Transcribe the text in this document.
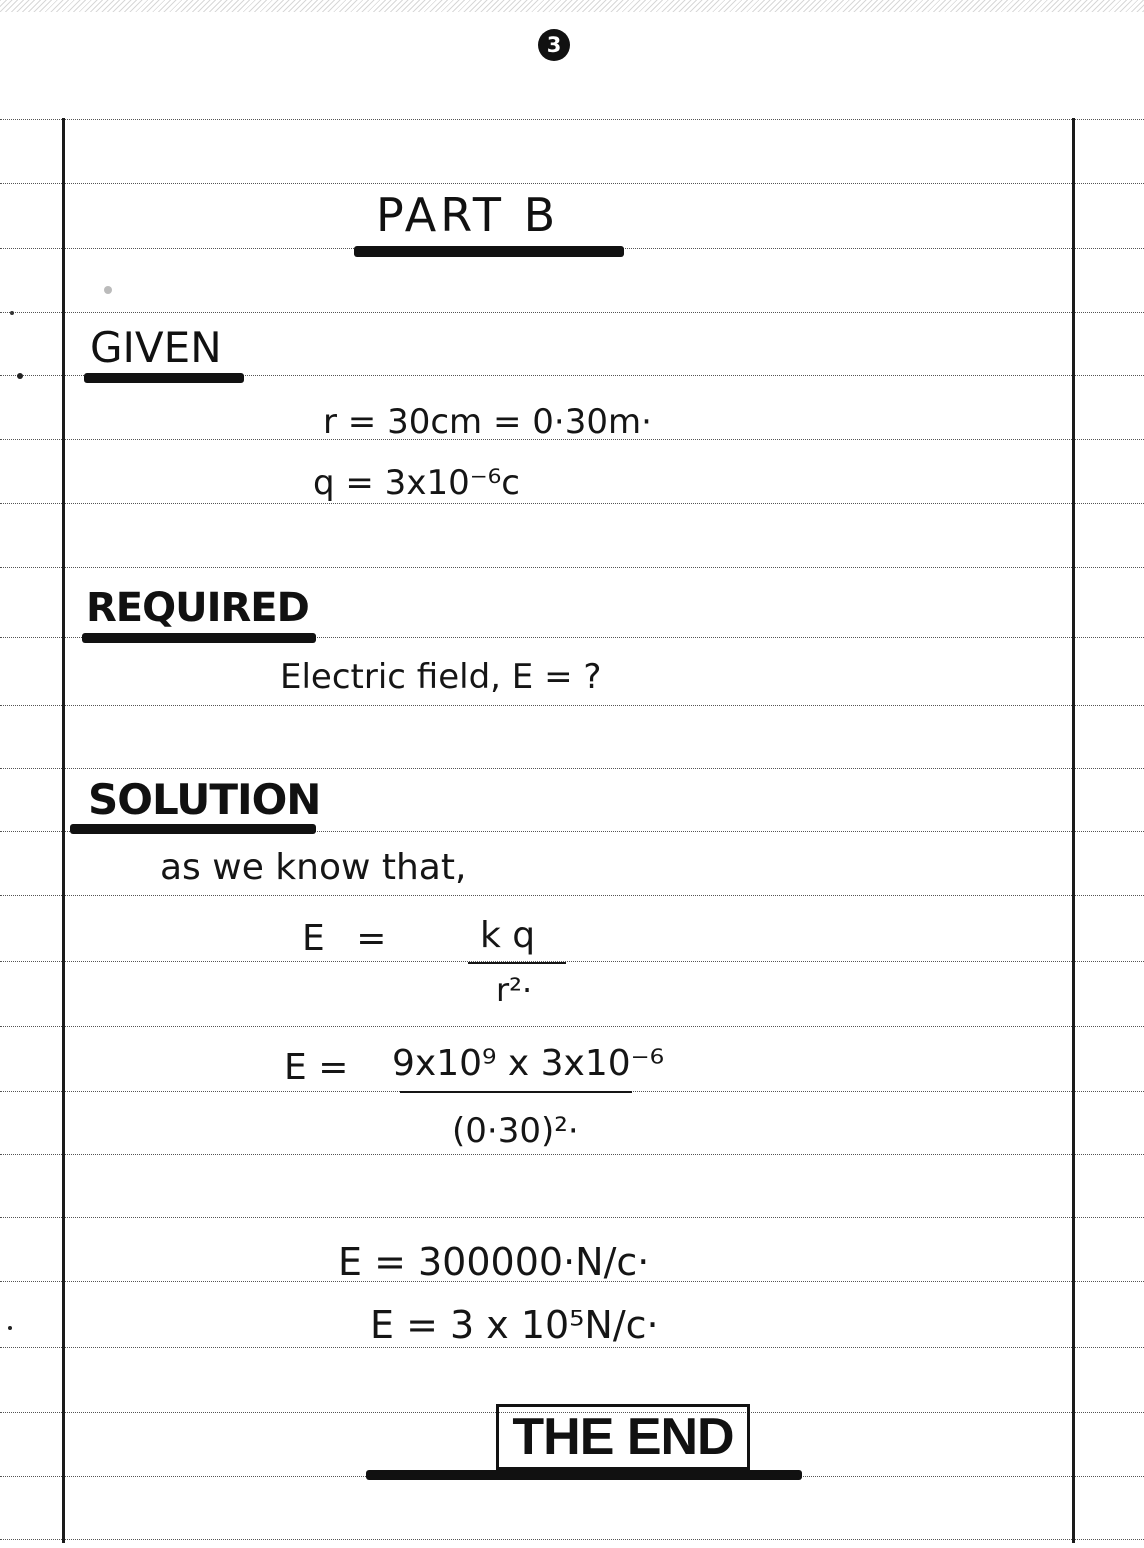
3
PART B
GIVEN
r = 30cm = 0·30m·
q = 3x10⁻⁶c
REQUIRED
Electric field, E = ?
SOLUTION
as we know that,
E =	k q
r²·
E = 9x10⁹ x 3x10⁻⁶
(0·30)²·
E = 300000·N/c·
E = 3 x 10⁵N/c·
THE END
